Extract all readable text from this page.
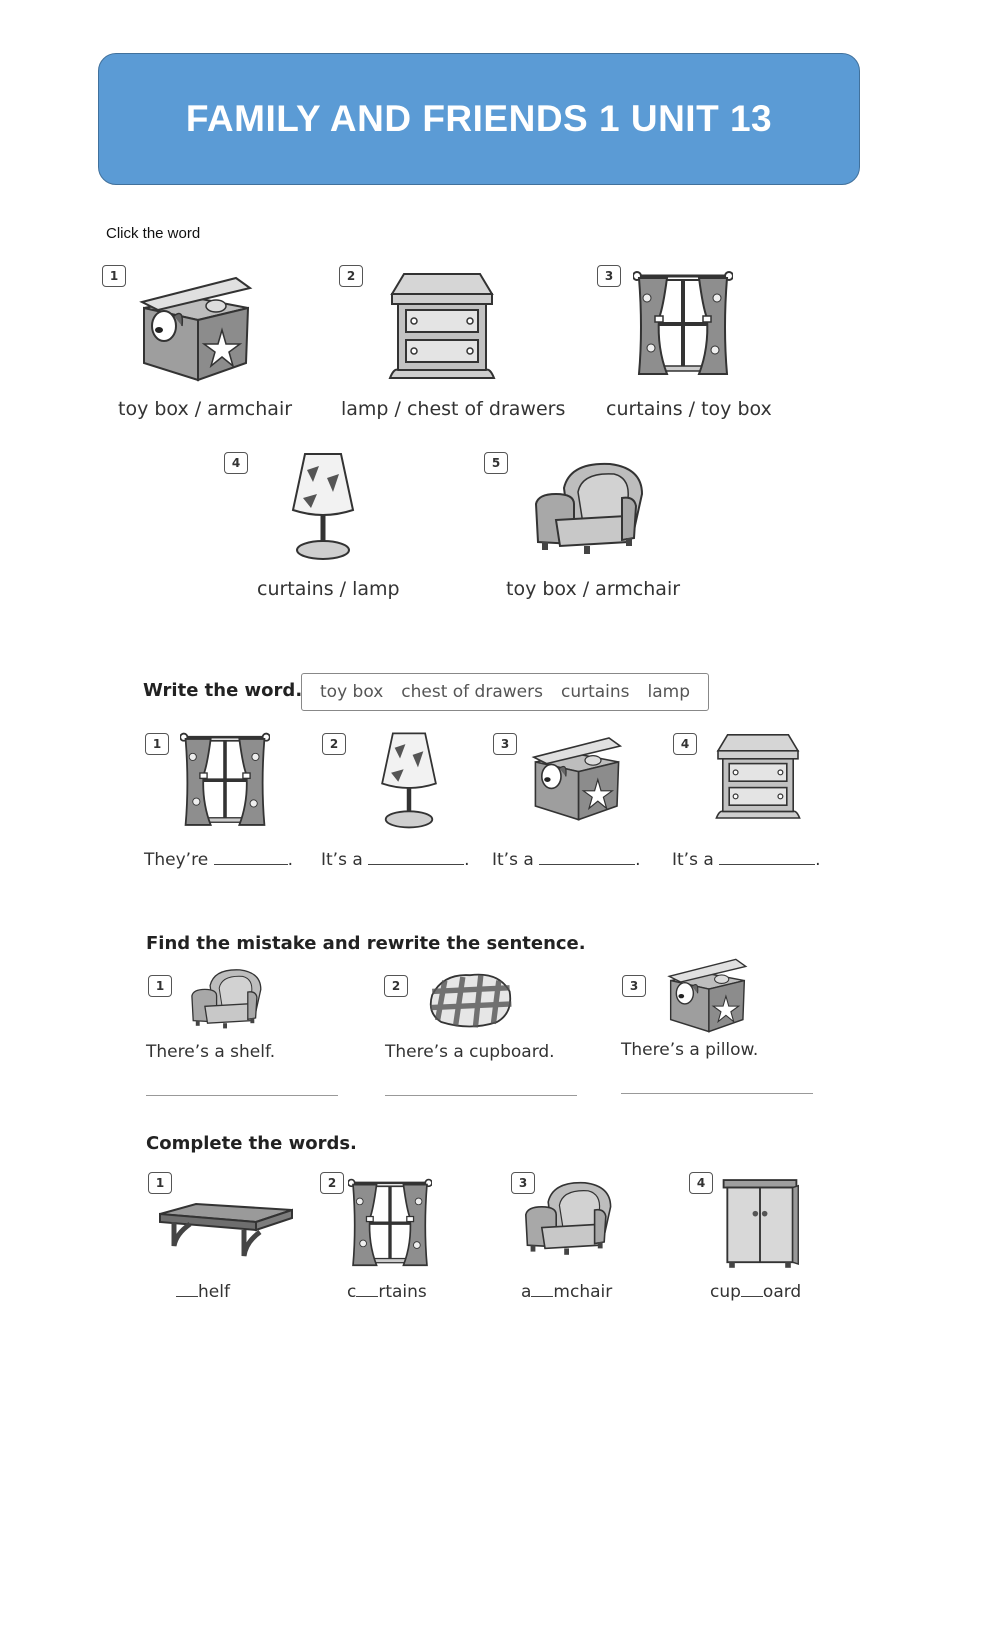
FAMILY AND FRIENDS 1 UNIT 13
Click the word
1
toy box / armchair
2
lamp / chest of drawers
3
curtains / toy box
4
curtains / lamp
5
toy box / armchair
Write the word. toy box chest of drawers curtains lamp
1
They’re	.
2
It’s a	.
3
It’s a	.
4
It’s a	.
Find the mistake and rewrite the sentence.
1
There’s a shelf.
2
There’s a cupboard.
3
There’s a pillow.
Complete the words.
1
helf
2
c rtains
3
a mchair
4
cup oard
